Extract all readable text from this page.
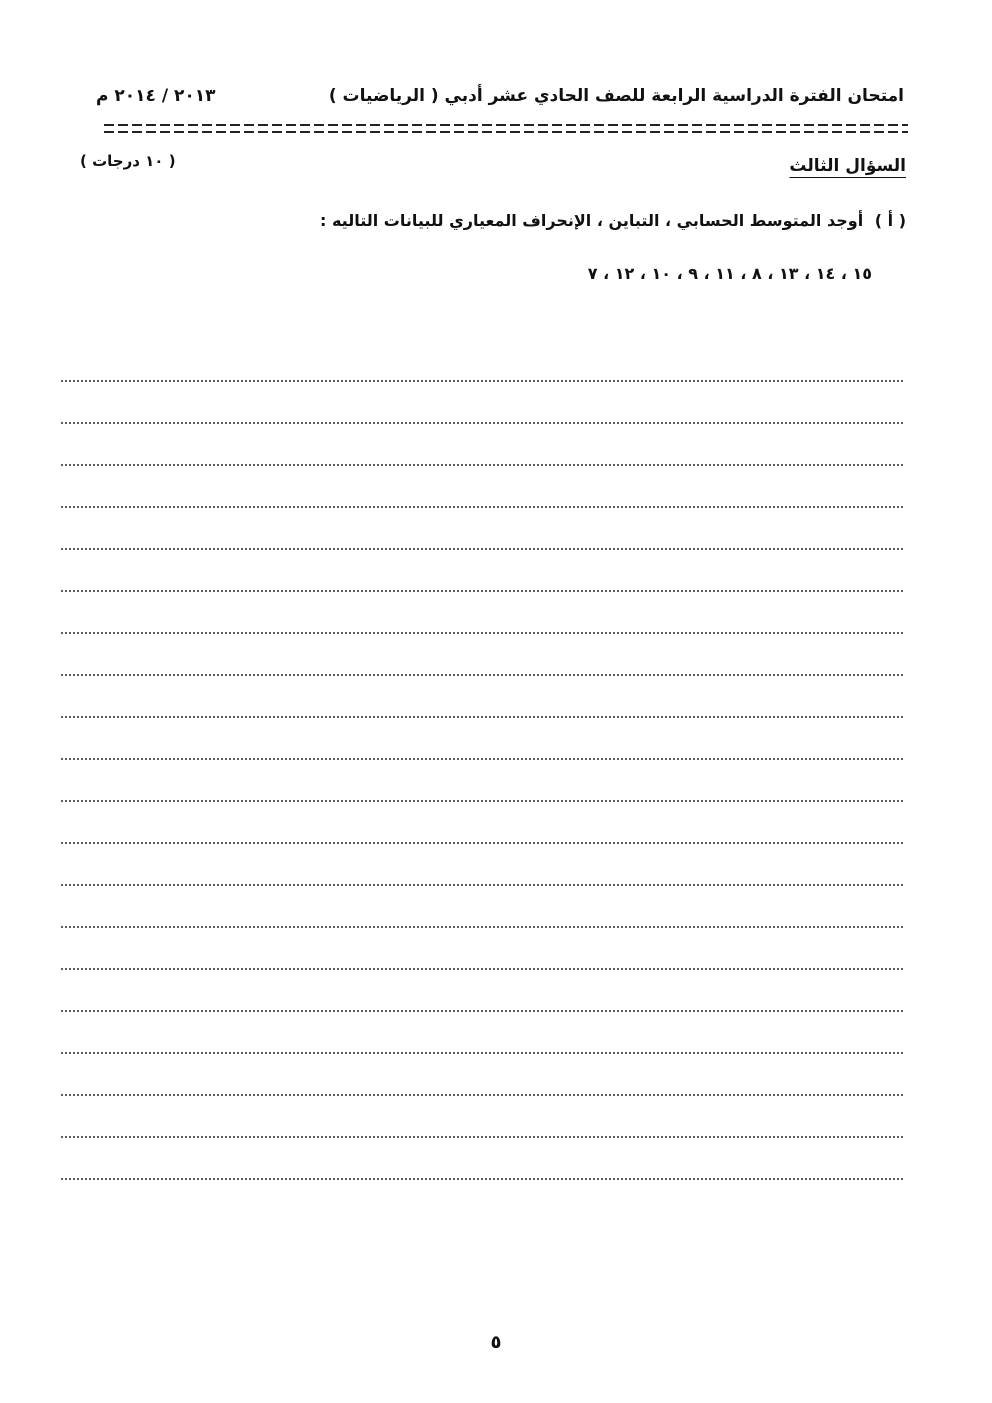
امتحان الفترة الدراسية الرابعة للصف الحادي عشر أدبي ( الرياضيات )
٢٠١٣ / ٢٠١٤ م
السؤال الثالث
( ١٠ درجات )
( أ ) أوجد المتوسط الحسابي ، التباين ، الإنحراف المعياري للبيانات التاليه :
١٥ ، ١٤ ، ١٣ ، ٨ ، ١١ ، ٩ ، ١٠ ، ١٢ ، ٧
٥
